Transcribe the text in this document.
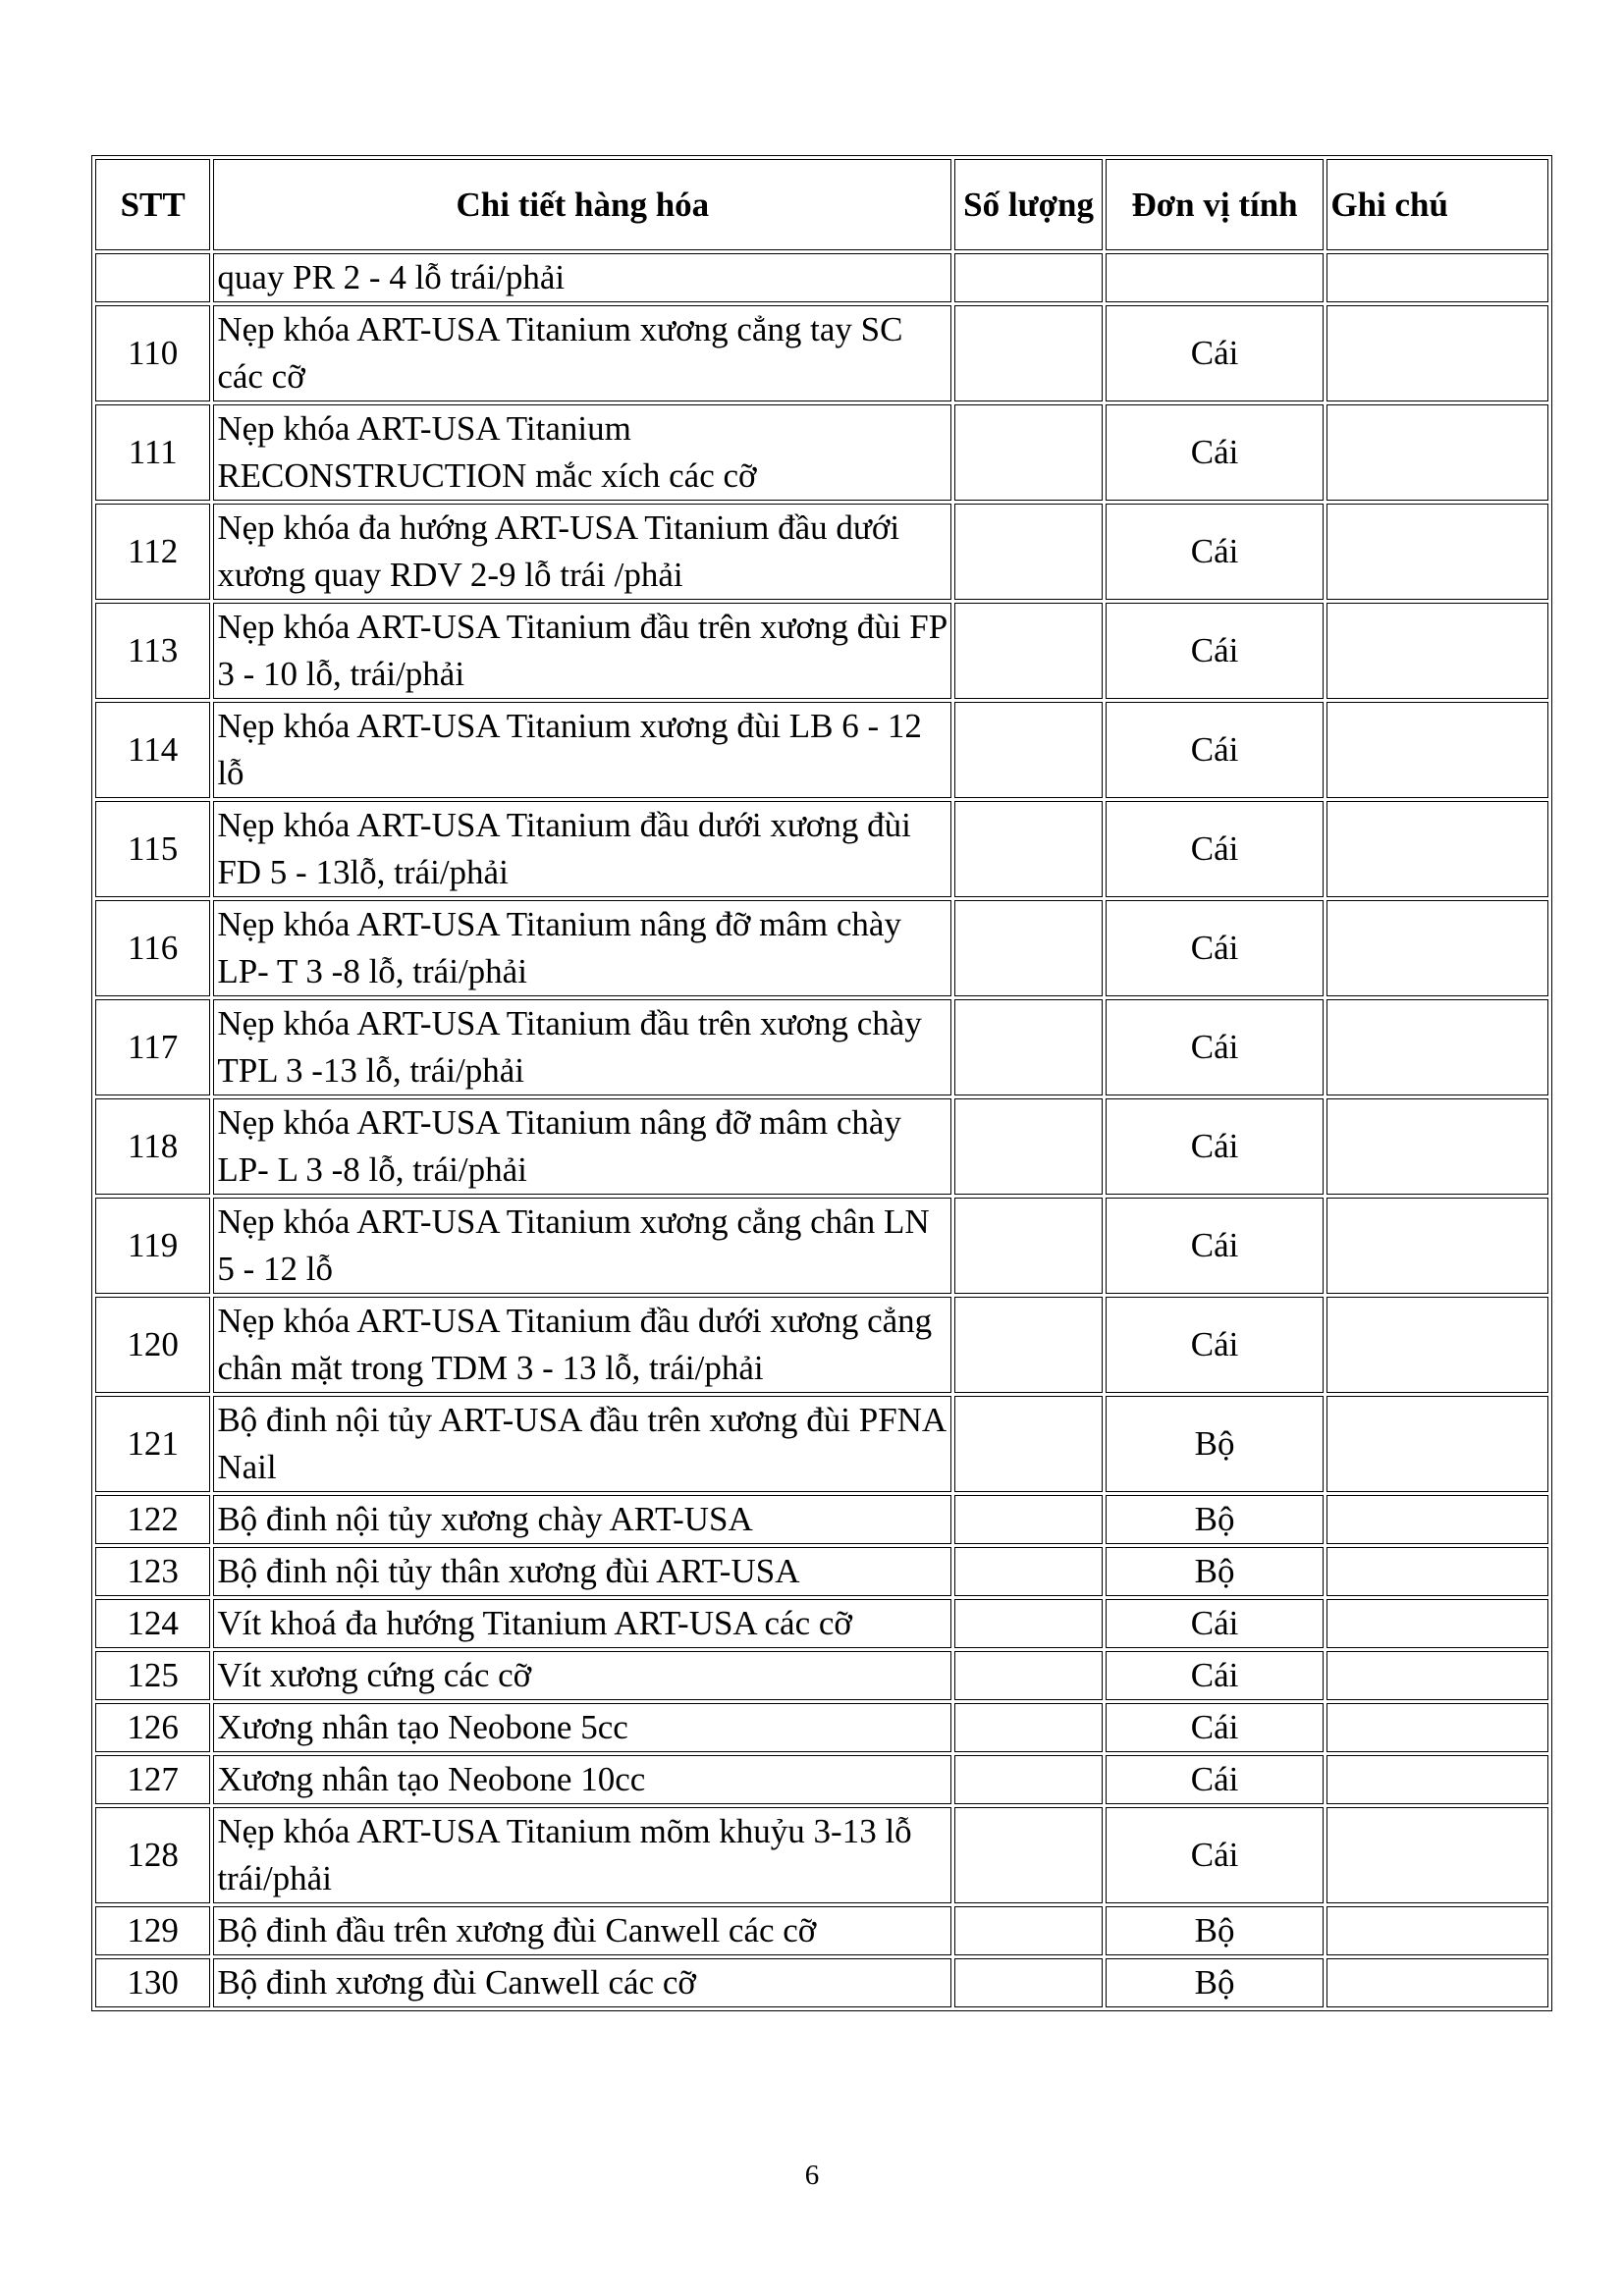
STT	Chi tiết hàng hóa	Số lượng	Đơn vị tính	Ghi chú
	quay PR 2 - 4 lỗ trái/phải			
110	Nẹp khóa ART-USA Titanium xương cẳng tay SC các cỡ		Cái	
111	Nẹp khóa ART-USA Titanium RECONSTRUCTION mắc xích các cỡ		Cái	
112	Nẹp khóa đa hướng ART-USA Titanium đầu dưới xương quay RDV 2-9 lỗ trái /phải		Cái	
113	Nẹp khóa ART-USA Titanium đầu trên xương đùi FP 3 - 10 lỗ, trái/phải		Cái	
114	Nẹp khóa ART-USA Titanium xương đùi LB 6 - 12 lỗ		Cái	
115	Nẹp khóa ART-USA Titanium đầu dưới xương đùi FD 5 - 13lỗ, trái/phải		Cái	
116	Nẹp khóa ART-USA Titanium nâng đỡ mâm chày LP- T 3 -8 lỗ, trái/phải		Cái	
117	Nẹp khóa ART-USA Titanium đầu trên xương chày TPL 3 -13 lỗ, trái/phải		Cái	
118	Nẹp khóa ART-USA Titanium nâng đỡ mâm chày LP- L 3 -8 lỗ, trái/phải		Cái	
119	Nẹp khóa ART-USA Titanium xương cẳng chân LN 5 - 12 lỗ		Cái	
120	Nẹp khóa ART-USA Titanium đầu dưới xương cẳng chân mặt trong TDM 3 - 13 lỗ, trái/phải		Cái	
121	Bộ đinh nội tủy ART-USA đầu trên xương đùi PFNA Nail		Bộ	
122	Bộ đinh nội tủy xương chày ART-USA		Bộ	
123	Bộ đinh nội tủy thân xương đùi ART-USA		Bộ	
124	Vít khoá đa hướng Titanium ART-USA các cỡ		Cái	
125	Vít xương cứng các cỡ		Cái	
126	Xương nhân tạo Neobone 5cc		Cái	
127	Xương nhân tạo Neobone 10cc		Cái	
128	Nẹp khóa ART-USA Titanium mõm khuỷu 3-13 lỗ trái/phải		Cái	
129	Bộ đinh đầu trên xương đùi Canwell các cỡ		Bộ	
130	Bộ đinh xương đùi Canwell các cỡ		Bộ	
6
